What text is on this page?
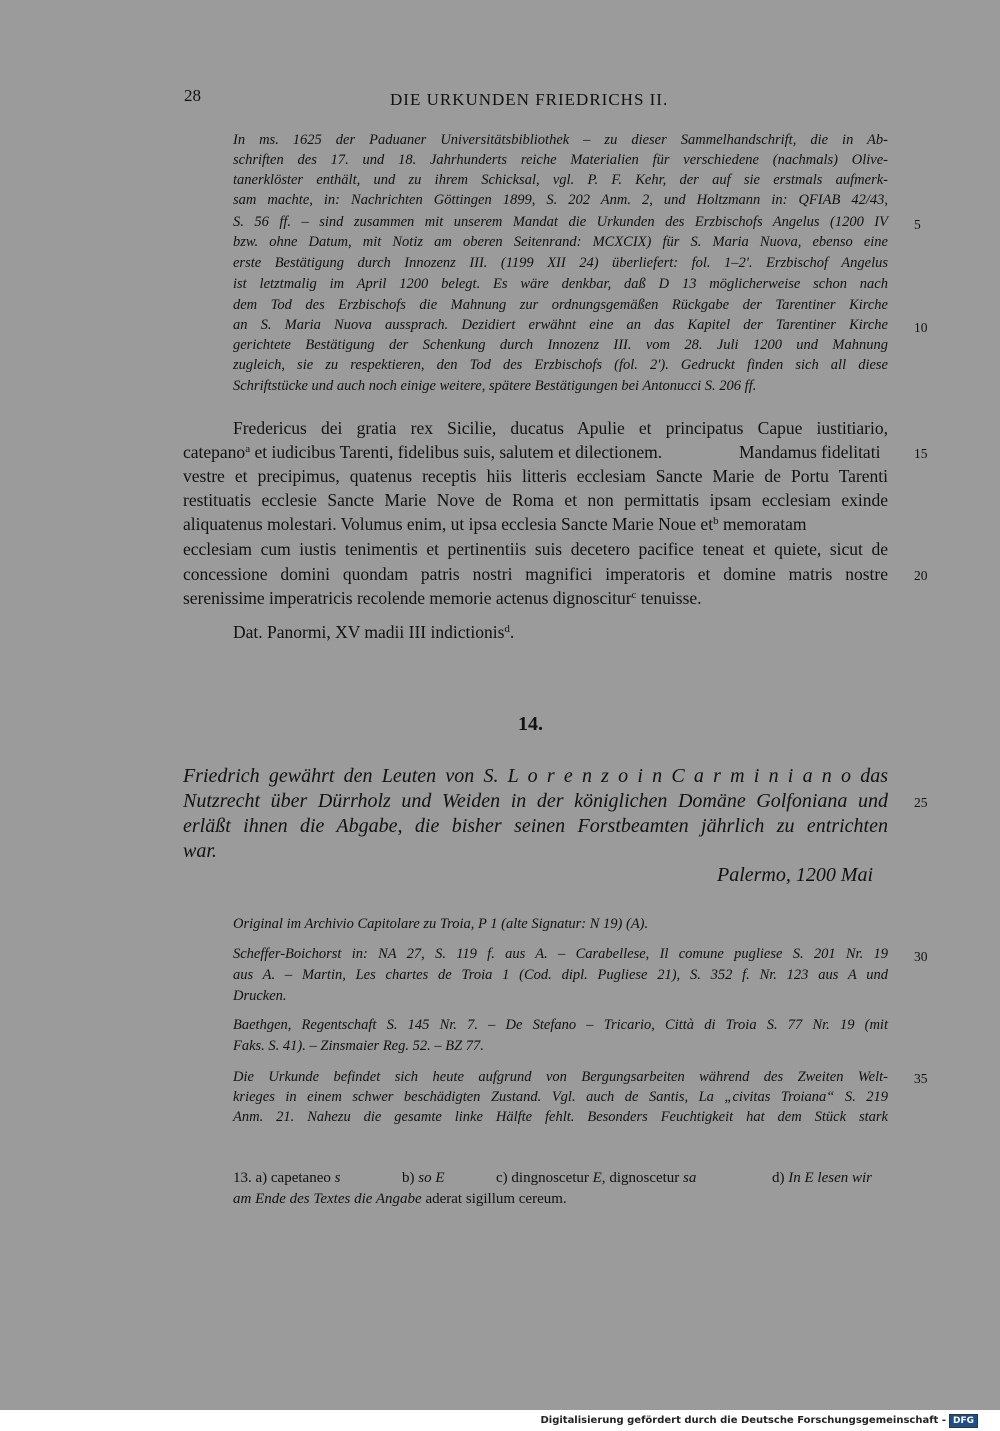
28	DIE URKUNDEN FRIEDRICHS II.
In ms. 1625 der Paduaner Universitätsbibliothek – zu dieser Sammelhandschrift, die in Ab-
schriften des 17. und 18. Jahrhunderts reiche Materialien für verschiedene (nachmals) Olive-
tanerklöster enthält, und zu ihrem Schicksal, vgl. P. F. Kehr, der auf sie erstmals aufmerk-
sam machte, in: Nachrichten Göttingen 1899, S. 202 Anm. 2, und Holtzmann in: QFIAB 42/43,
S. 56 ff. – sind zusammen mit unserem Mandat die Urkunden des Erzbischofs Angelus (1200 IV
bzw. ohne Datum, mit Notiz am oberen Seitenrand: MCXCIX) für S. Maria Nuova, ebenso eine
erste Bestätigung durch Innozenz III. (1199 XII 24) überliefert: fol. 1–2'. Erzbischof Angelus
ist letztmalig im April 1200 belegt. Es wäre denkbar, daß D 13 möglicherweise schon nach
dem Tod des Erzbischofs die Mahnung zur ordnungsgemäßen Rückgabe der Tarentiner Kirche
an S. Maria Nuova aussprach. Dezidiert erwähnt eine an das Kapitel der Tarentiner Kirche
gerichtete Bestätigung der Schenkung durch Innozenz III. vom 28. Juli 1200 und Mahnung
zugleich, sie zu respektieren, den Tod des Erzbischofs (fol. 2'). Gedruckt finden sich all diese
Schriftstücke und auch noch einige weitere, spätere Bestätigungen bei Antonucci S. 206 ff.
5
10
Fredericus dei gratia rex Sicilie, ducatus Apulie et principatus Capue iustitiario,
catepano$^a$ et iudicibus Tarenti, fidelibus suis, salutem et dilectionem.	Mandamus fidelitati
vestre et precipimus, quatenus receptis hiis litteris ecclesiam Sancte Marie de Portu Tarenti
restituatis ecclesie Sancte Marie Nove de Roma et non permittatis ipsam ecclesiam exinde
aliquatenus molestari. Volumus enim, ut ipsa ecclesia Sancte Marie Noue $et^b$ memoratam
ecclesiam cum iustis tenimentis et pertinentiis suis decetero pacifice teneat et quiete, sicut de
concessione domini quondam patris nostri magnifici imperatoris et domine matris nostre
serenissime imperatricis recolende memorie actenus dignoscitur$^c$ tenuisse.
Dat. Panormi, XV madii III indictionis$^d$.
15
20
14.
Friedrich gewährt den Leuten von S. L o r e n z o i n C a r m i n i a n o das
Nutzrecht über Dürrholz und Weiden in der königlichen Domäne Golfoniana und
erläßt ihnen die Abgabe, die bisher seinen Forstbeamten jährlich zu entrichten
war.
Palermo, 1200 Mai
25
Original im Archivio Capitolare zu Troia, P 1 (alte Signatur: N 19) (A).
Scheffer-Boichorst in: NA 27, S. 119 f. aus A. – Carabellese, Il comune pugliese S. 201 Nr. 19
aus A. – Martin, Les chartes de Troia 1 (Cod. dipl. Pugliese 21), S. 352 f. Nr. 123 aus A und
Drucken.
Baethgen, Regentschaft S. 145 Nr. 7. – De Stefano – Tricario, Città di Troia S. 77 Nr. 19 (mit
Faks. S. 41). – Zinsmaier Reg. 52. – BZ 77.
Die Urkunde befindet sich heute aufgrund von Bergungsarbeiten während des Zweiten Welt-
krieges in einem schwer beschädigten Zustand. Vgl. auch de Santis, La „civitas Troiana“ S. 219
Anm. 21. Nahezu die gesamte linke Hälfte fehlt. Besonders Feuchtigkeit hat dem Stück stark
30
35
13. a) capetaneo s	b) so E	c) dingnoscetur E, dignoscetur sa	d) In E lesen wir
am Ende des Textes die Angabe aderat sigillum cereum.
Digitalisierung gefördert durch die Deutsche Forschungsgemeinschaft - DFG
